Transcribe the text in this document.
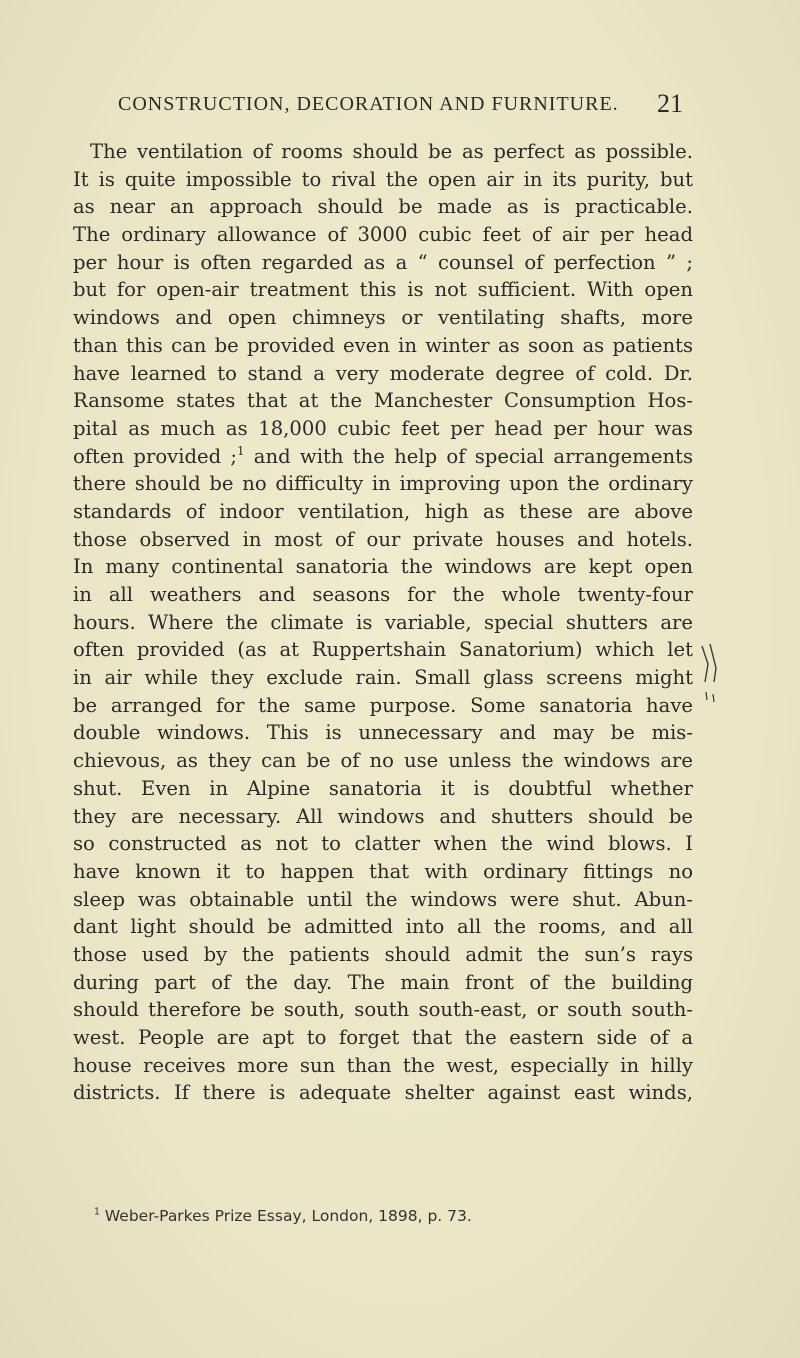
CONSTRUCTION, DECORATION AND FURNITURE. 21
The ventilation of rooms should be as perfect as possible.
It is quite impossible to rival the open air in its purity, but
as near an approach should be made as is practicable.
The ordinary allowance of 3000 cubic feet of air per head
per hour is often regarded as a “ counsel of perfection ” ;
but for open-air treatment this is not sufficient. With open
windows and open chimneys or ventilating shafts, more
than this can be provided even in winter as soon as patients
have learned to stand a very moderate degree of cold. Dr.
Ransome states that at the Manchester Consumption Hos-
pital as much as 18,000 cubic feet per head per hour was
often provided ;$^1$ and with the help of special arrangements
there should be no difficulty in improving upon the ordinary
standards of indoor ventilation, high as these are above
those observed in most of our private houses and hotels.
In many continental sanatoria the windows are kept open
in all weathers and seasons for the whole twenty-four
hours. Where the climate is variable, special shutters are
often provided (as at Ruppertshain Sanatorium) which let
in air while they exclude rain. Small glass screens might
be arranged for the same purpose. Some sanatoria have
double windows. This is unnecessary and may be mis-
chievous, as they can be of no use unless the windows are
shut. Even in Alpine sanatoria it is doubtful whether
they are necessary. All windows and shutters should be
so constructed as not to clatter when the wind blows. I
have known it to happen that with ordinary fittings no
sleep was obtainable until the windows were shut. Abun-
dant light should be admitted into all the rooms, and all
those used by the patients should admit the sun’s rays
during part of the day. The main front of the building
should therefore be south, south south-east, or south south-
west. People are apt to forget that the eastern side of a
house receives more sun than the west, especially in hilly
districts. If there is adequate shelter against east winds,
$^1$ Weber-Parkes Prize Essay, London, 1898, p. 73.
